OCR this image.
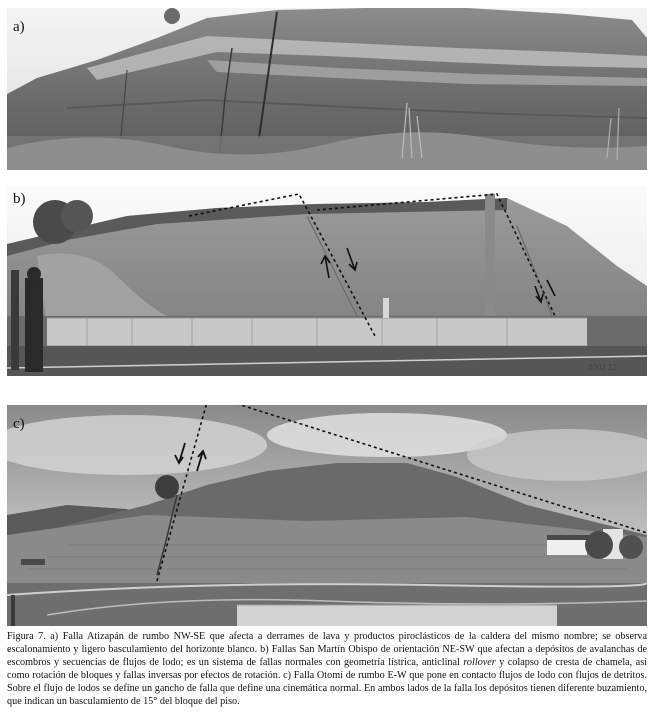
a)
b)
2003 12
c)
Figura 7. a) Falla Atizapán de rumbo NW-SE que afecta a derrames de lava y productos piroclásticos de la caldera del mismo nombre; se observa escalonamiento y ligero basculamiento del horizonte blanco. b) Fallas San Martín Obispo de orientación NE-SW que afectan a depósitos de avalanchas de escombros y secuencias de flujos de lodo; es un sistema de fallas normales con geometría lístrica, anticlinal rollover y colapso de cresta de chamela, así como rotación de bloques y fallas inversas por efectos de rotación. c) Falla Otomí de rumbo E-W que pone en contacto flujos de lodo con flujos de detritos. Sobre el flujo de lodos se define un gancho de falla que define una cinemática normal. En ambos lados de la falla los depósitos tienen diferente buzamiento, que indican un basculamiento de 15° del bloque del piso.
